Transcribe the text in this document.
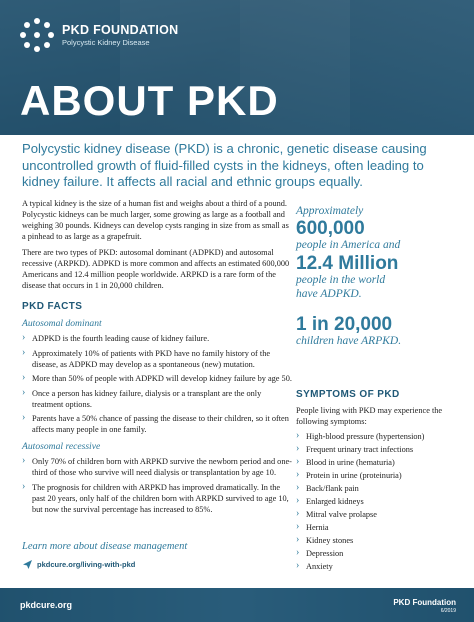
PKD FOUNDATION
Polycystic Kidney Disease
ABOUT PKD
Polycystic kidney disease (PKD) is a chronic, genetic disease causing uncontrolled growth of fluid-filled cysts in the kidneys, often leading to kidney failure. It affects all racial and ethnic groups equally.

A typical kidney is the size of a human fist and weighs about a third of a pound. Polycystic kidneys can be much larger, some growing as large as a football and weighing 30 pounds. Kidneys can develop cysts ranging in size from as small as a pinhead to as large as a grapefruit.

There are two types of PKD: autosomal dominant (ADPKD) and autosomal recessive (ARPKD). ADPKD is more common and affects an estimated 600,000 Americans and 12.4 million people worldwide. ARPKD is a rare form of the disease that occurs in 1 in 20,000 children.

PKD FACTS
Autosomal dominant
› ADPKD is the fourth leading cause of kidney failure.
› Approximately 10% of patients with PKD have no family history of the disease, as ADPKD may develop as a spontaneous (new) mutation.
› More than 50% of people with ADPKD will develop kidney failure by age 50.
› Once a person has kidney failure, dialysis or a transplant are the only treatment options.
› Parents have a 50% chance of passing the disease to their children, so it often affects many people in one family.
Autosomal recessive
› Only 70% of children born with ARPKD survive the newborn period and one-third of those who survive will need dialysis or transplantation by age 10.
› The prognosis for children with ARPKD has improved dramatically. In the past 20 years, only half of the children born with ARPKD survived to age 10, but now the survival percentage has increased to 85%.
Learn more about disease management
pkdcure.org/living-with-pkd
Approximately
600,000
people in America and
12.4 Million
people in the world have ADPKD.
1 in 20,000
children have ARPKD.
SYMPTOMS OF PKD
People living with PKD may experience the following symptoms:
› High-blood pressure (hypertension)
› Frequent urinary tract infections
› Blood in urine (hematuria)
› Protein in urine (proteinuria)
› Back/flank pain
› Enlarged kidneys
› Mitral valve prolapse
› Hernia
› Kidney stones
› Depression
› Anxiety
pkdcure.org	PKD Foundation
6/2019
